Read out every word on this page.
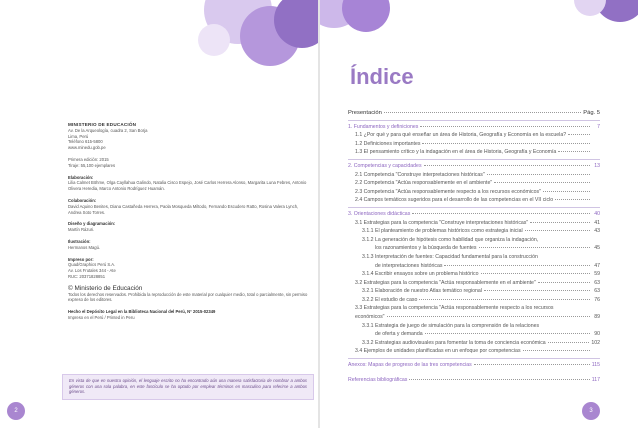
MINISTERIO DE EDUCACIÓN
Av. De la Arqueología, cuadra 2, San Borja
Lima, Perú
Teléfono 615-5800
www.minedu.gob.pe
Primera edición: 2015
Tiraje: 55,100 ejemplares
Elaboración:
Lilia Calmet Böhme, Olga Cayllahua Galindo, Natalia Cisco Espejo, José Carlos Herrera Alonso, Margarita Luna Febres, Antonio Olivera Heredia, Marco Antonio Rodríguez Huamán.
Colaboración:
David Aquino Benites, Diana Castañeda Herrera, Paola Mosqueda Miltodo, Fernando Escudero Ratto, Rosina Valera Lynch, Andrea Soto Torres.
Diseño y diagramación:
Martín Rázuri.
Ilustración:
Hermanos Magú.
Impreso por:
Quad/Graphics Perú S.A.
Av. Los Frutales 344 - Ate
RUC: 20371828851
© Ministerio de Educación
Todos los derechos reservados. Prohibida la reproducción de este material por cualquier medio, total o parcialmente, sin permiso expreso de los editores.
Hecho el Depósito Legal en la Biblioteca Nacional del Perú, N° 2015-02349
Impreso en el Perú / Printed in Peru
En vista de que en nuestra opinión, el lenguaje escrito no ha encontrado aún una manera satisfactoria de nombrar a ambos géneros con una sola palabra, en este fascículo se ha optado por emplear términos en masculino para referirse a ambos géneros.
2
Índice
Presentación	Pág. 5
1. Fundamentos y definiciones	7
1.1 ¿Por qué y para qué enseñar un área de Historia, Geografía y Economía en la escuela?
1.2 Definiciones importantes
1.3 El pensamiento crítico y la indagación en el área de Historia, Geografía y Economía
2. Competencias y capacidades	13
2.1 Competencia "Construye interpretaciones históricas"
2.2 Competencia "Actúa responsablemente en el ambiente"
2.3 Competencia "Actúa responsablemente respecto a los recursos económicos"
2.4 Campos temáticos sugeridos para el desarrollo de las competencias en el VII ciclo
3. Orientaciones didácticas	40
3.1 Estrategias para la competencia "Construye interpretaciones históricas"	41
3.1.1 El planteamiento de problemas históricos como estrategia inicial	43
3.1.2 La generación de hipótesis como habilidad que organiza la indagación,
los razonamientos y la búsqueda de fuentes	45
3.1.3 Interpretación de fuentes: Capacidad fundamental para la construcción
de interpretaciones históricas	47
3.1.4 Escribir ensayos sobre un problema histórico	59
3.2 Estrategias para la competencia "Actúa responsablemente en el ambiente"	63
3.2.1 Elaboración de nuestro Atlas temático regional	63
3.2.2 El estudio de caso	76
3.3 Estrategias para la competencia "Actúa responsablemente respecto a los recursos
económicos"	89
3.3.1 Estrategia de juego de simulación para la comprensión de la relaciones
de oferta y demanda	90
3.3.2 Estrategias audiovisuales para fomentar la toma de conciencia económica	102
3.4 Ejemplos de unidades planificadas en un enfoque por competencias
Anexos: Mapas de progreso de las tres competencias	115
Referencias bibliográficas	117
3
